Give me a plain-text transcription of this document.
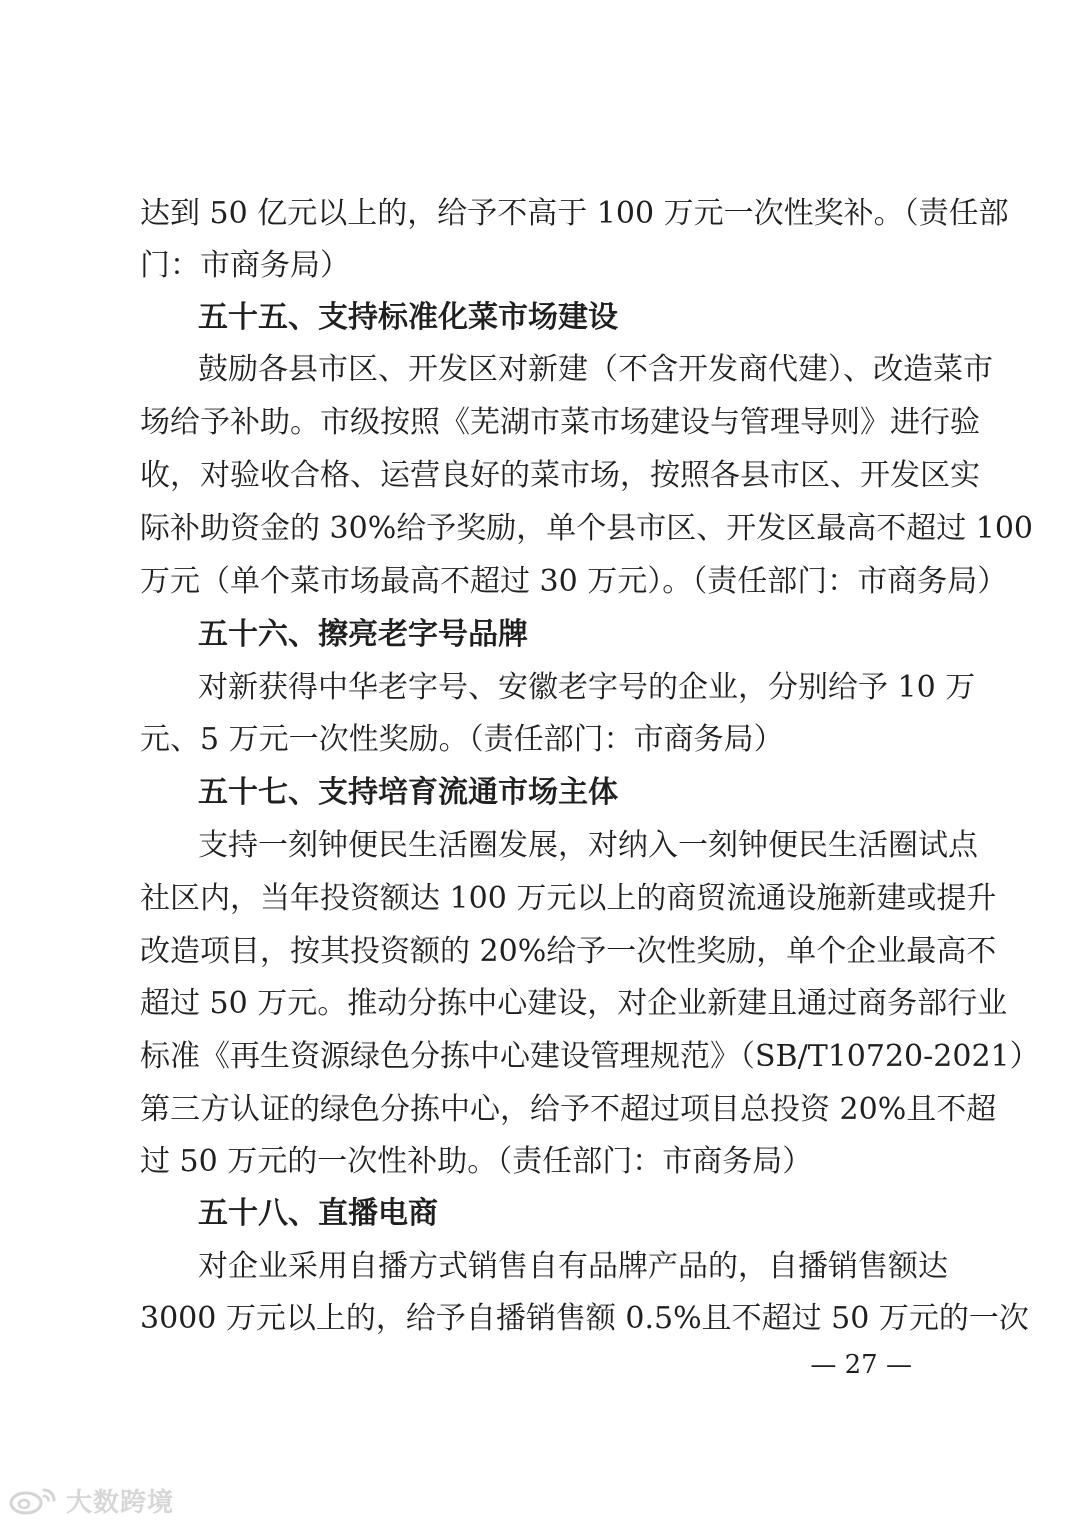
达到 50 亿元以上的，给予不高于 100 万元一次性奖补。（责任部
门：市商务局）
五十五、支持标准化菜市场建设
鼓励各县市区、开发区对新建（不含开发商代建）、改造菜市
场给予补助。市级按照《芜湖市菜市场建设与管理导则》进行验
收，对验收合格、运营良好的菜市场，按照各县市区、开发区实
际补助资金的 30%给予奖励，单个县市区、开发区最高不超过 100
万元（单个菜市场最高不超过 30 万元）。（责任部门：市商务局）
五十六、擦亮老字号品牌
对新获得中华老字号、安徽老字号的企业，分别给予 10 万
元、5 万元一次性奖励。（责任部门：市商务局）
五十七、支持培育流通市场主体
支持一刻钟便民生活圈发展，对纳入一刻钟便民生活圈试点
社区内，当年投资额达 100 万元以上的商贸流通设施新建或提升
改造项目，按其投资额的 20%给予一次性奖励，单个企业最高不
超过 50 万元。推动分拣中心建设，对企业新建且通过商务部行业
标准《再生资源绿色分拣中心建设管理规范》（SB/T10720-2021）
第三方认证的绿色分拣中心，给予不超过项目总投资 20%且不超
过 50 万元的一次性补助。（责任部门：市商务局）
五十八、直播电商
对企业采用自播方式销售自有品牌产品的，自播销售额达
3000 万元以上的，给予自播销售额 0.5%且不超过 50 万元的一次
— 27 —
大数跨境
